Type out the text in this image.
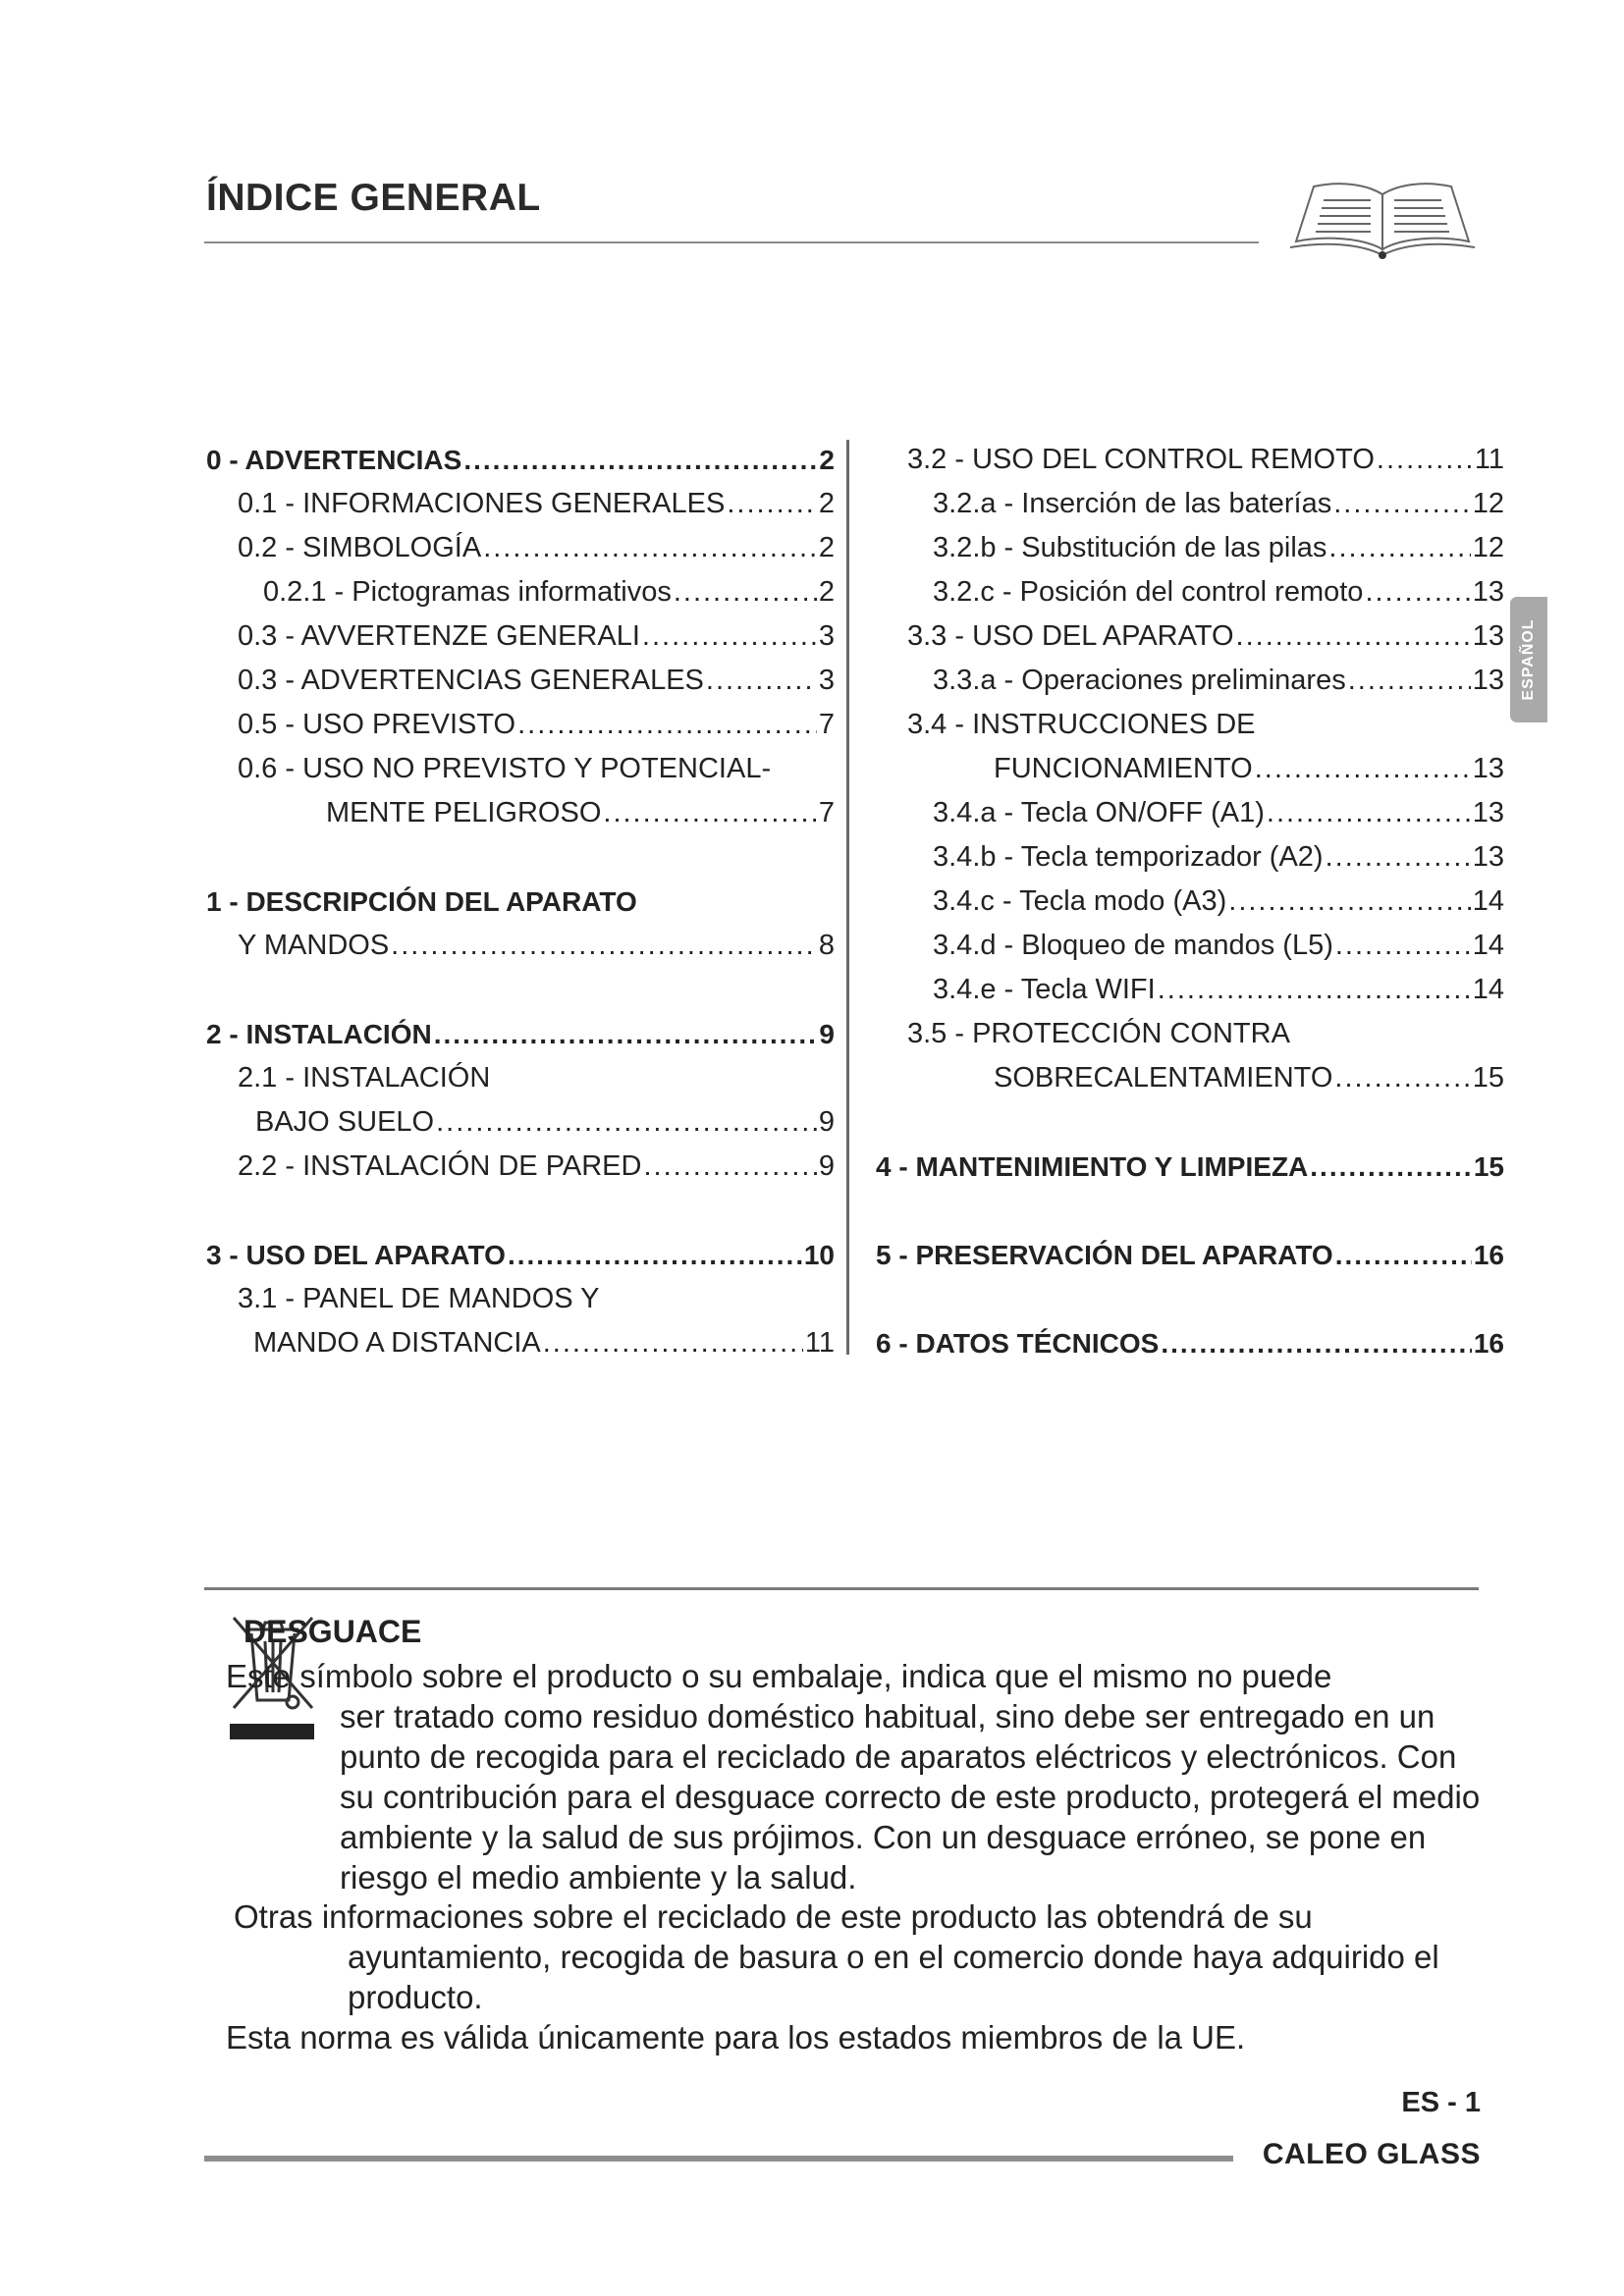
ÍNDICE GENERAL
ESPAÑOL
0 - ADVERTENCIAS .....	2
0.1 - INFORMACIONES GENERALES .....	2
0.2 - SIMBOLOGÍA .....	2
0.2.1 - Pictogramas informativos .....	2
0.3 - AVVERTENZE GENERALI .....	3
0.3 - ADVERTENCIAS GENERALES .....	3
0.5 - USO PREVISTO .....	7
0.6 - USO NO PREVISTO Y POTENCIAL-
MENTE PELIGROSO .....	7
1 - DESCRIPCIÓN DEL APARATO
Y MANDOS .....	8
2 - INSTALACIÓN .....	9
2.1 - INSTALACIÓN
BAJO SUELO .....	9
2.2 - INSTALACIÓN DE PARED .....	9
3 - USO DEL APARATO .....	10
3.1 - PANEL DE MANDOS Y
MANDO A DISTANCIA .....	11
3.2 - USO DEL CONTROL REMOTO .....	11
3.2.a - Inserción de las baterías .....	12
3.2.b - Substitución de las pilas .....	12
3.2.c - Posición del control remoto .....	13
3.3 - USO DEL APARATO .....	13
3.3.a - Operaciones preliminares .....	13
3.4 - INSTRUCCIONES DE
FUNCIONAMIENTO .....	13
3.4.a - Tecla ON/OFF (A1) .....	13
3.4.b - Tecla temporizador (A2) .....	13
3.4.c - Tecla modo (A3) .....	14
3.4.d - Bloqueo de mandos (L5) .....	14
3.4.e - Tecla WIFI .....	14
3.5 - PROTECCIÓN CONTRA
SOBRECALENTAMIENTO .....	15
4 - MANTENIMIENTO Y LIMPIEZA .....	15
5 - PRESERVACIÓN DEL APARATO .....	16
6 - DATOS TÉCNICOS .....	16
DESGUACE

Este símbolo sobre el producto o su embalaje, indica que el mismo no puede
ser tratado como residuo doméstico habitual, sino debe ser entregado en un punto de recogida para el reciclado de aparatos eléctricos y electrónicos. Con su contribución para el desguace correcto de este producto, protegerá el medio ambiente y la salud de sus prójimos. Con un desguace erróneo, se pone en riesgo el medio ambiente y la salud.

Otras informaciones sobre el reciclado de este producto las obtendrá de su
ayuntamiento, recogida de basura o en el comercio donde haya adquirido el producto.

Esta norma es válida únicamente para los estados miembros de la UE.

ES - 1

CALEO GLASS
